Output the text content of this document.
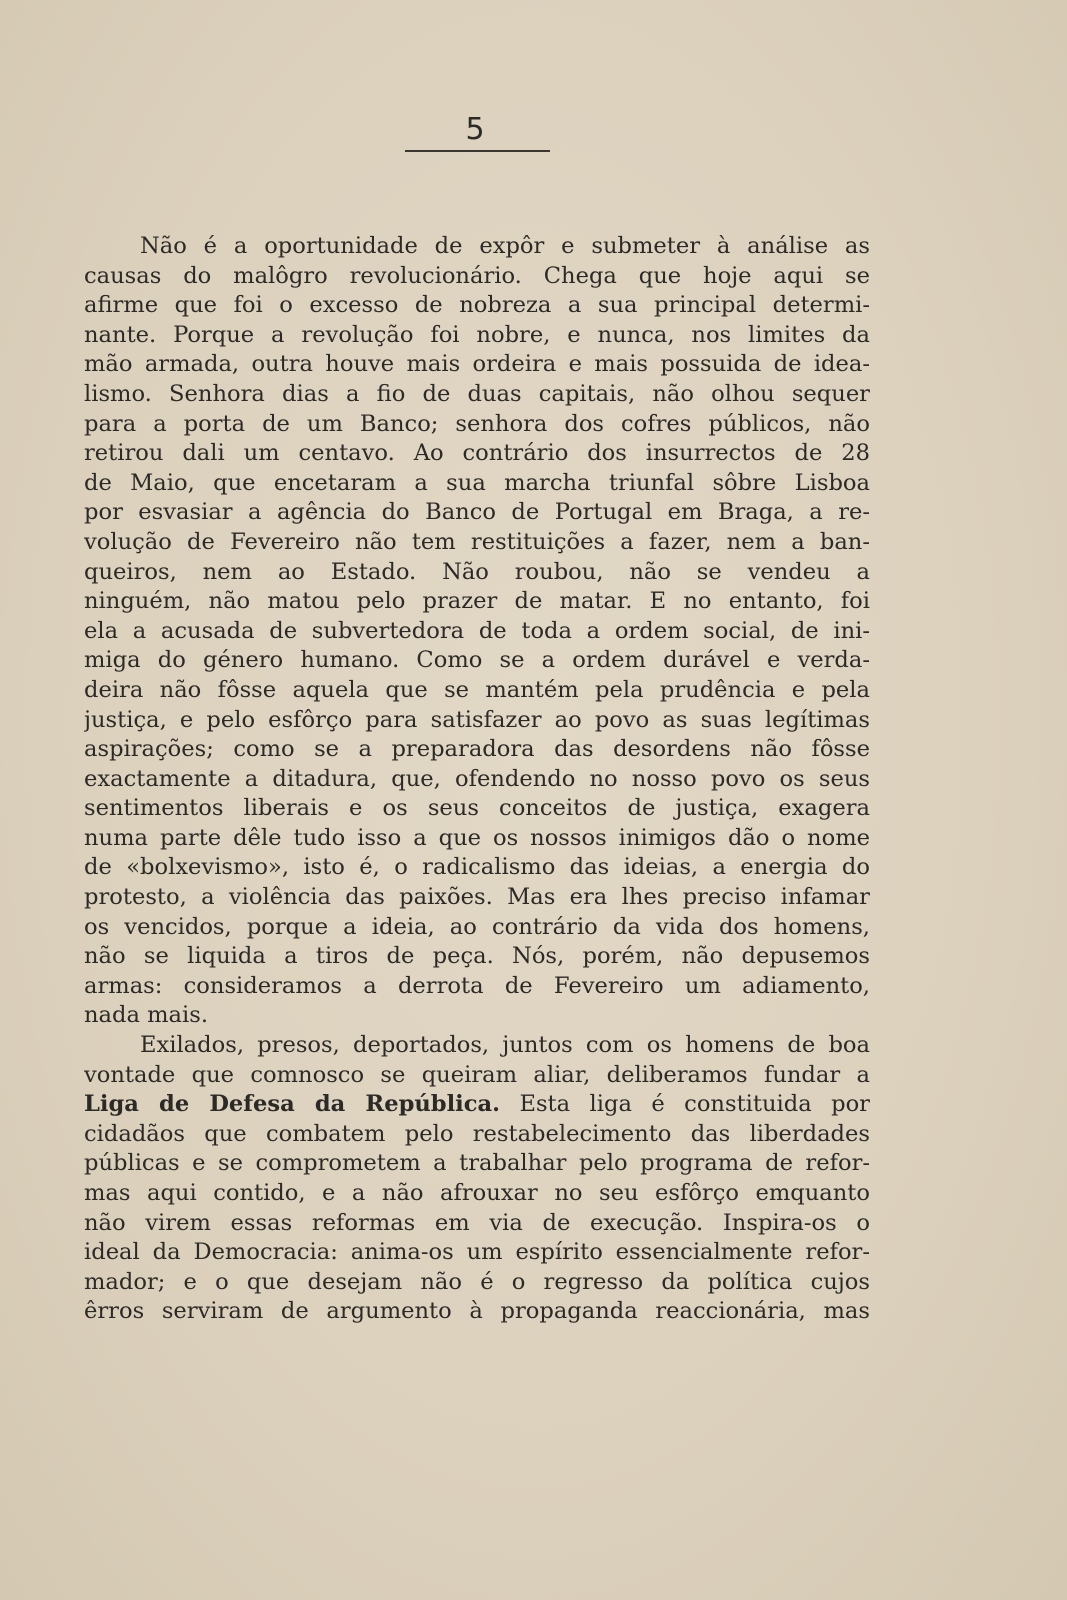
5
Não é a oportunidade de expôr e submeter à análise as
causas do malôgro revolucionário. Chega que hoje aqui se
afirme que foi o excesso de nobreza a sua principal determi-
nante. Porque a revolução foi nobre, e nunca, nos limites da
mão armada, outra houve mais ordeira e mais possuida de idea-
lismo. Senhora dias a fio de duas capitais, não olhou sequer
para a porta de um Banco; senhora dos cofres públicos, não
retirou dali um centavo. Ao contrário dos insurrectos de 28
de Maio, que encetaram a sua marcha triunfal sôbre Lisboa
por esvasiar a agência do Banco de Portugal em Braga, a re-
volução de Fevereiro não tem restituições a fazer, nem a ban-
queiros, nem ao Estado. Não roubou, não se vendeu a
ninguém, não matou pelo prazer de matar. E no entanto, foi
ela a acusada de subvertedora de toda a ordem social, de ini-
miga do género humano. Como se a ordem durável e verda-
deira não fôsse aquela que se mantém pela prudência e pela
justiça, e pelo esfôrço para satisfazer ao povo as suas legítimas
aspirações; como se a preparadora das desordens não fôsse
exactamente a ditadura, que, ofendendo no nosso povo os seus
sentimentos liberais e os seus conceitos de justiça, exagera
numa parte dêle tudo isso a que os nossos inimigos dão o nome
de «bolxevismo», isto é, o radicalismo das ideias, a energia do
protesto, a violência das paixões. Mas era lhes preciso infamar
os vencidos, porque a ideia, ao contrário da vida dos homens,
não se liquida a tiros de peça. Nós, porém, não depusemos
armas: consideramos a derrota de Fevereiro um adiamento,
nada mais.
Exilados, presos, deportados, juntos com os homens de boa
vontade que comnosco se queiram aliar, deliberamos fundar a
Liga de Defesa da República. Esta liga é constituida por
cidadãos que combatem pelo restabelecimento das liberdades
públicas e se comprometem a trabalhar pelo programa de refor-
mas aqui contido, e a não afrouxar no seu esfôrço emquanto
não virem essas reformas em via de execução. Inspira-os o
ideal da Democracia: anima-os um espírito essencialmente refor-
mador; e o que desejam não é o regresso da política cujos
êrros serviram de argumento à propaganda reaccionária, mas
